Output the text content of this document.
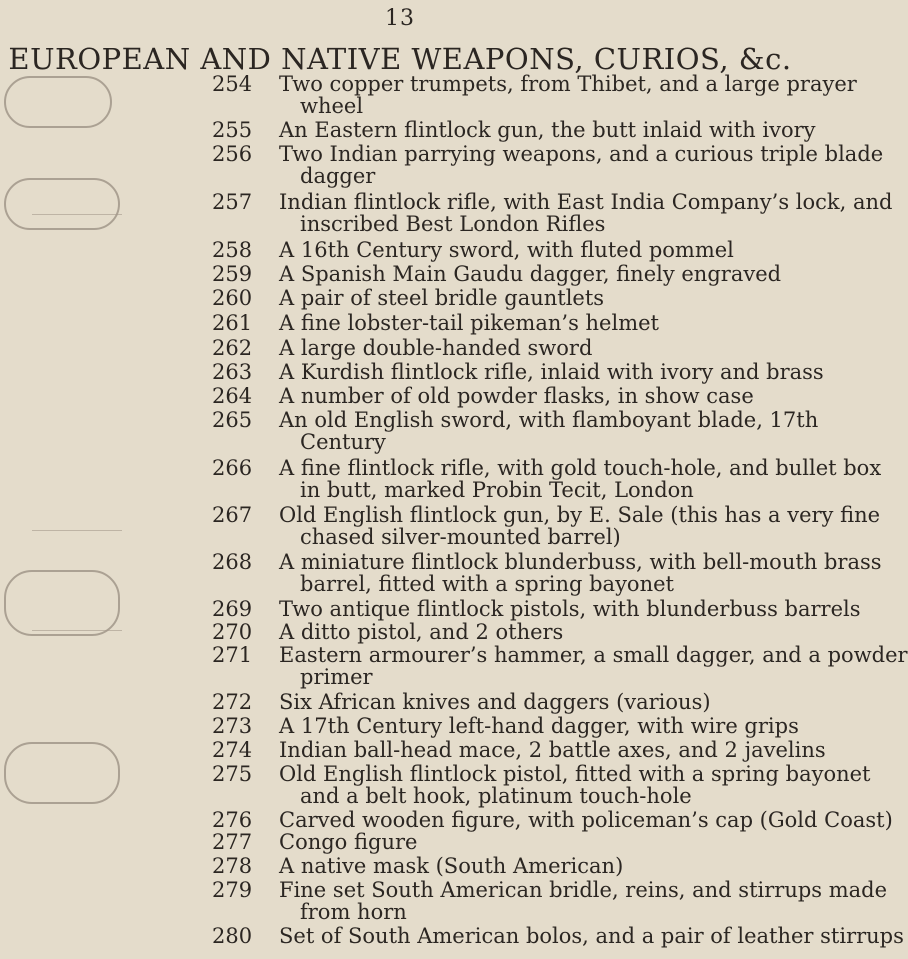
13
EUROPEAN AND NATIVE WEAPONS, CURIOS, &c.
254	Two copper trumpets, from Thibet, and a large prayer
wheel
255	An Eastern flintlock gun, the butt inlaid with ivory
256	Two Indian parrying weapons, and a curious triple blade
dagger
257	Indian flintlock rifle, with East India Company’s lock, and
inscribed Best London Rifles
258	A 16th Century sword, with fluted pommel
259	A Spanish Main Gaudu dagger, finely engraved
260	A pair of steel bridle gauntlets
261	A fine lobster-tail pikeman’s helmet
262	A large double-handed sword
263	A Kurdish flintlock rifle, inlaid with ivory and brass
264	A number of old powder flasks, in show case
265	An old English sword, with flamboyant blade, 17th
Century
266	A fine flintlock rifle, with gold touch-hole, and bullet box
in butt, marked Probin Tecit, London
267	Old English flintlock gun, by E. Sale (this has a very fine
chased silver-mounted barrel)
268	A miniature flintlock blunderbuss, with bell-mouth brass
barrel, fitted with a spring bayonet
269	Two antique flintlock pistols, with blunderbuss barrels
270	A ditto pistol, and 2 others
271	Eastern armourer’s hammer, a small dagger, and a powder
primer
272	Six African knives and daggers (various)
273	A 17th Century left-hand dagger, with wire grips
274	Indian ball-head mace, 2 battle axes, and 2 javelins
275	Old English flintlock pistol, fitted with a spring bayonet
and a belt hook, platinum touch-hole
276	Carved wooden figure, with policeman’s cap (Gold Coast)
277	Congo figure
278	A native mask (South American)
279	Fine set South American bridle, reins, and stirrups made
from horn
280	Set of South American bolos, and a pair of leather stirrups
